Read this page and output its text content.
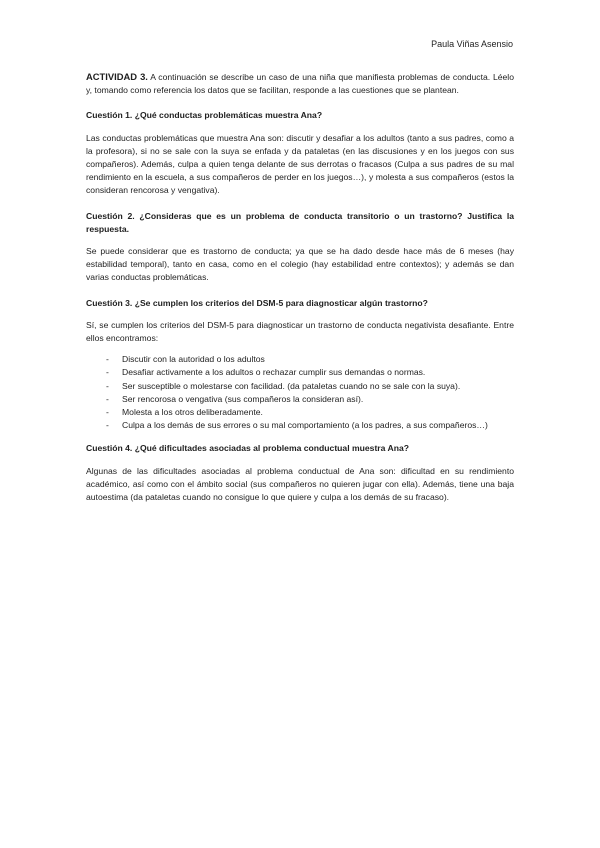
Paula Viñas Asensio

ACTIVIDAD 3. A continuación se describe un caso de una niña que manifiesta problemas de conducta. Léelo y, tomando como referencia los datos que se facilitan, responde a las cuestiones que se plantean.

Cuestión 1. ¿Qué conductas problemáticas muestra Ana?

Las conductas problemáticas que muestra Ana son: discutir y desafiar a los adultos (tanto a sus padres, como a la profesora), si no se sale con la suya se enfada y da pataletas (en las discusiones y en los juegos con sus compañeros). Además, culpa a quien tenga delante de sus derrotas o fracasos (Culpa a sus padres de su mal rendimiento en la escuela, a sus compañeros de perder en los juegos…), y molesta a sus compañeros (estos la consideran rencorosa y vengativa).

Cuestión 2. ¿Consideras que es un problema de conducta transitorio o un trastorno? Justifica la respuesta.

Se puede considerar que es trastorno de conducta; ya que se ha dado desde hace más de 6 meses (hay estabilidad temporal), tanto en casa, como en el colegio (hay estabilidad entre contextos); y además se dan varias conductas problemáticas.

Cuestión 3. ¿Se cumplen los criterios del DSM-5 para diagnosticar algún trastorno?

Sí, se cumplen los criterios del DSM-5 para diagnosticar un trastorno de conducta negativista desafiante. Entre ellos encontramos:

- Discutir con la autoridad o los adultos
- Desafiar activamente a los adultos o rechazar cumplir sus demandas o normas.
- Ser susceptible o molestarse con facilidad. (da pataletas cuando no se sale con la suya).
- Ser rencorosa o vengativa (sus compañeros la consideran así).
- Molesta a los otros deliberadamente.
- Culpa a los demás de sus errores o su mal comportamiento (a los padres, a sus compañeros…)

Cuestión 4. ¿Qué dificultades asociadas al problema conductual muestra Ana?

Algunas de las dificultades asociadas al problema conductual de Ana son: dificultad en su rendimiento académico, así como con el ámbito social (sus compañeros no quieren jugar con ella). Además, tiene una baja autoestima (da pataletas cuando no consigue lo que quiere y culpa a los demás de su fracaso).
